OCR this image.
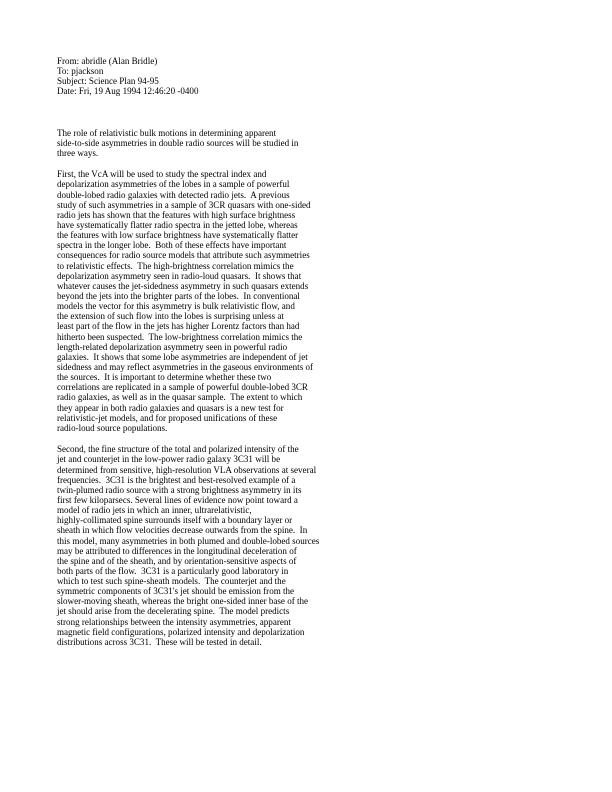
From: abridle (Alan Bridle)
To: pjackson
Subject: Science Plan 94-95
Date: Fri, 19 Aug 1994 12:46:20 -0400
The role of relativistic bulk motions in determining apparent
side-to-side asymmetries in double radio sources will be studied in
three ways.
First, the VcA will be used to study the spectral index and
depolarization asymmetries of the lobes in a sample of powerful
double-lobed radio galaxies with detected radio jets.  A previous
study of such asymmetries in a sample of 3CR quasars with one-sided
radio jets has shown that the features with high surface brightness
have systematically flatter radio spectra in the jetted lobe, whereas
the features with low surface brightness have systematically flatter
spectra in the longer lobe.  Both of these effects have important
consequences for radio source models that attribute such asymmetries
to relativistic effects.  The high-brightness correlation mimics the
depolarization asymmetry seen in radio-loud quasars.  It shows that
whatever causes the jet-sidedness asymmetry in such quasars extends
beyond the jets into the brighter parts of the lobes.  In conventional
models the vector for this asymmetry is bulk relativistic flow, and
the extension of such flow into the lobes is surprising unless at
least part of the flow in the jets has higher Lorentz factors than had
hitherto been suspected.  The low-brightness correlation mimics the
length-related depolarization asymmetry seen in powerful radio
galaxies.  It shows that some lobe asymmetries are independent of jet
sidedness and may reflect asymmetries in the gaseous environments of
the sources.  It is important to determine whether these two
correlations are replicated in a sample of powerful double-lobed 3CR
radio galaxies, as well as in the quasar sample.  The extent to which
they appear in both radio galaxies and quasars is a new test for
relativistic-jet models, and for proposed unifications of these
radio-loud source populations.
Second, the fine structure of the total and polarized intensity of the
jet and counterjet in the low-power radio galaxy 3C31 will be
determined from sensitive, high-resolution VLA observations at several
frequencies.  3C31 is the brightest and best-resolved example of a
twin-plumed radio source with a strong brightness asymmetry in its
first few kiloparsecs. Several lines of evidence now point toward a
model of radio jets in which an inner, ultrarelativistic,
highly-collimated spine surrounds itself with a boundary layer or
sheath in which flow velocities decrease outwards from the spine.  In
this model, many asymmetries in both plumed and double-lobed sources
may be attributed to differences in the longitudinal deceleration of
the spine and of the sheath, and by orientation-sensitive aspects of
both parts of the flow.  3C31 is a particularly good laboratory in
which to test such spine-sheath models.  The counterjet and the
symmetric components of 3C31's jet should be emission from the
slower-moving sheath, whereas the bright one-sided inner base of the
jet should arise from the decelerating spine.  The model predicts
strong relationships between the intensity asymmetries, apparent
magnetic field configurations, polarized intensity and depolarization
distributions across 3C31.  These will be tested in detail.
